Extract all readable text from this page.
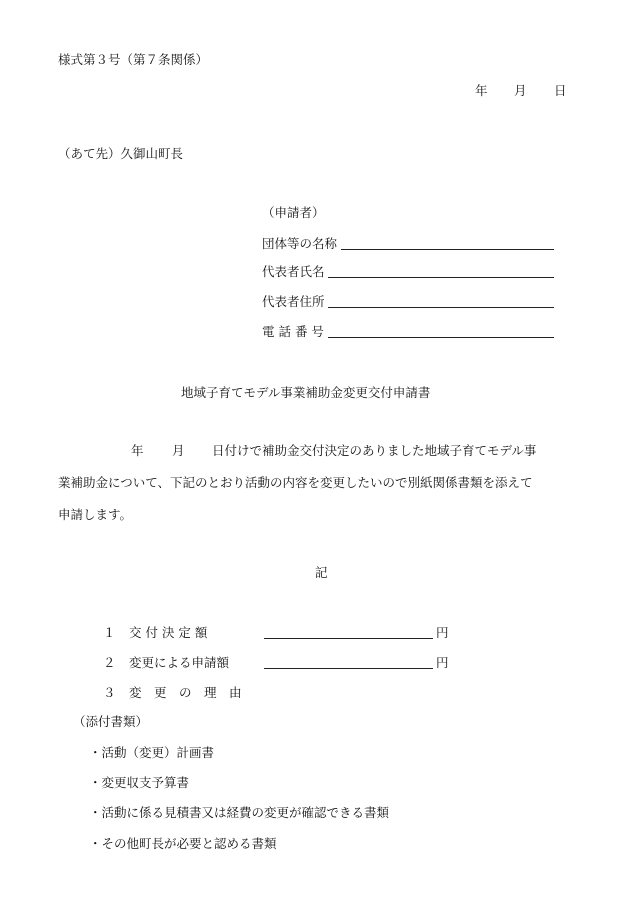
様式第３号（第７条関係）
年 月 日
（あて先）久御山町長
（申請者）
団体等の名称
代表者氏名
代表者住所
電 話 番 号
地域子育てモデル事業補助金変更交付申請書
年 月 日付けで補助金交付決定のありました地域子育てモデル事
業補助金について、下記のとおり活動の内容を変更したいので別紙関係書類を添えて
申請します。
記
１ 交 付 決 定 額	円
２ 変更による申請額	円
３ 変　更　の　理　由
（添付書類）
・活動（変更）計画書
・変更収支予算書
・活動に係る見積書又は経費の変更が確認できる書類
・その他町長が必要と認める書類
